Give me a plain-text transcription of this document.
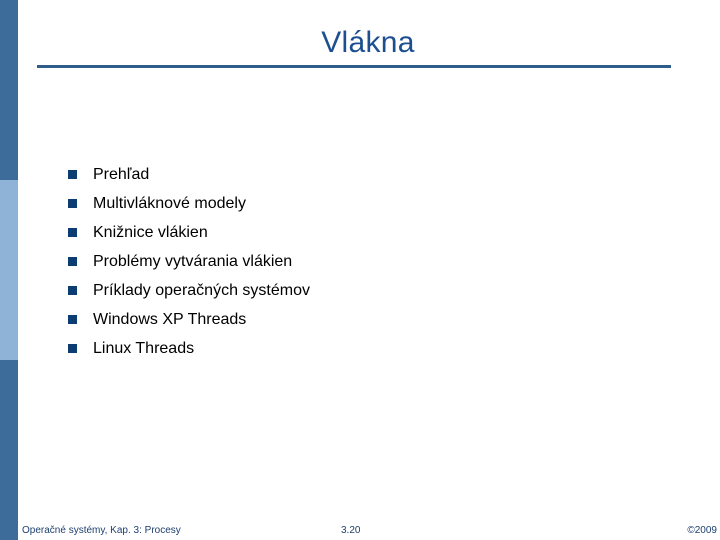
Vlákna
Prehľad
Multivláknové modely
Knižnice vlákien
Problémy vytvárania vlákien
Príklady operačných systémov
Windows XP Threads
Linux Threads
Operačné systémy, Kap. 3: Procesy	3.20	©2009
